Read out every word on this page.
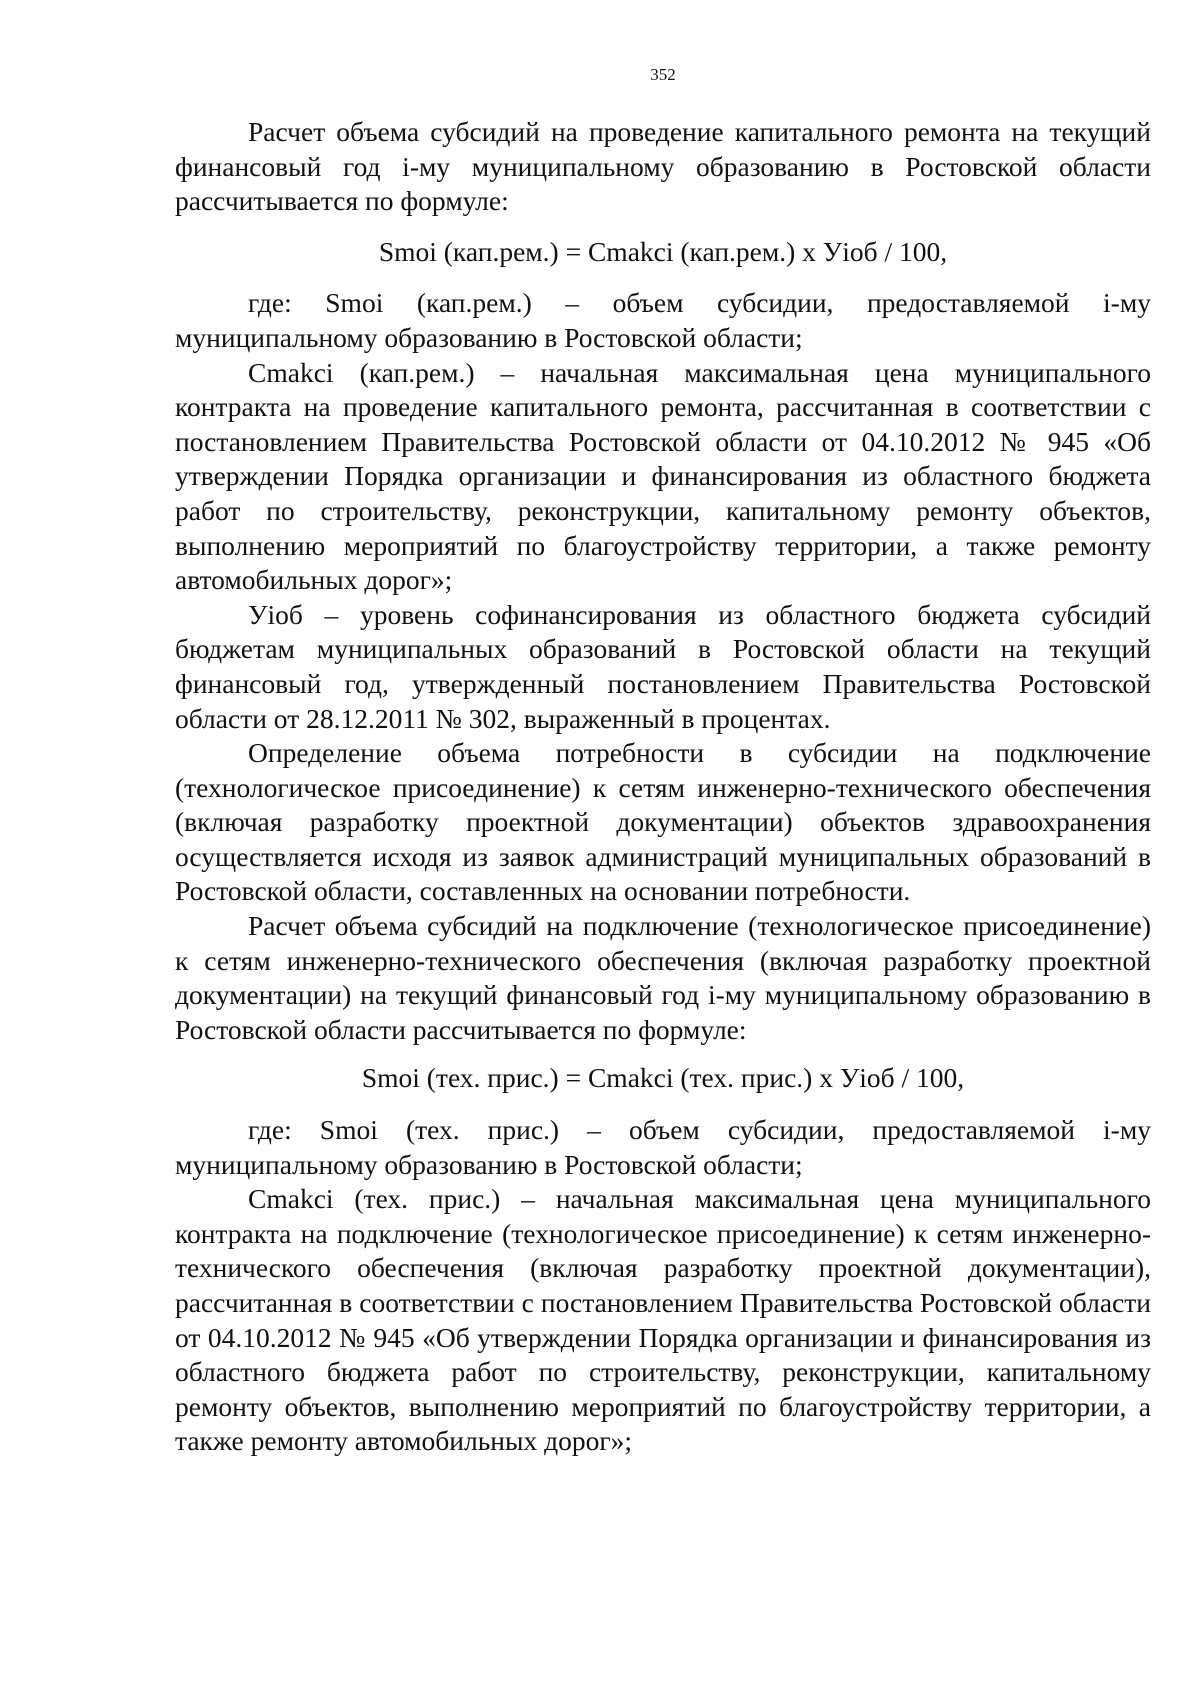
352

Расчет объема субсидий на проведение капитального ремонта на текущий финансовый год i-му муниципальному образованию в Ростовской области рассчитывается по формуле:

Smoi (кап.рем.) = Cmakci (кап.рем.) x Уioб / 100,

где: Smoi (кап.рем.) – объем субсидии, предоставляемой i-му муниципальному образованию в Ростовской области;

Cmakci (кап.рем.) – начальная максимальная цена муниципального контракта на проведение капитального ремонта, рассчитанная в соответствии с постановлением Правительства Ростовской области от 04.10.2012 № 945 «Об утверждении Порядка организации и финансирования из областного бюджета работ по строительству, реконструкции, капитальному ремонту объектов, выполнению мероприятий по благоустройству территории, а также ремонту автомобильных дорог»;

Уioб – уровень софинансирования из областного бюджета субсидий бюджетам муниципальных образований в Ростовской области на текущий финансовый год, утвержденный постановлением Правительства Ростовской области от 28.12.2011 № 302, выраженный в процентах.

Определение объема потребности в субсидии на подключение (технологическое присоединение) к сетям инженерно-технического обеспечения (включая разработку проектной документации) объектов здравоохранения осуществляется исходя из заявок администраций муниципальных образований в Ростовской области, составленных на основании потребности.

Расчет объема субсидий на подключение (технологическое присоединение) к сетям инженерно-технического обеспечения (включая разработку проектной документации) на текущий финансовый год i-му муниципальному образованию в Ростовской области рассчитывается по формуле:

Smoi (тех. прис.) = Cmakci (тех. прис.) x Уioб / 100,

где: Smoi (тех. прис.) – объем субсидии, предоставляемой i-му муниципальному образованию в Ростовской области;

Cmakci (тех. прис.) – начальная максимальная цена муниципального контракта на подключение (технологическое присоединение) к сетям инженерно-технического обеспечения (включая разработку проектной документации), рассчитанная в соответствии с постановлением Правительства Ростовской области от 04.10.2012 № 945 «Об утверждении Порядка организации и финансирования из областного бюджета работ по строительству, реконструкции, капитальному ремонту объектов, выполнению мероприятий по благоустройству территории, а также ремонту автомобильных дорог»;
